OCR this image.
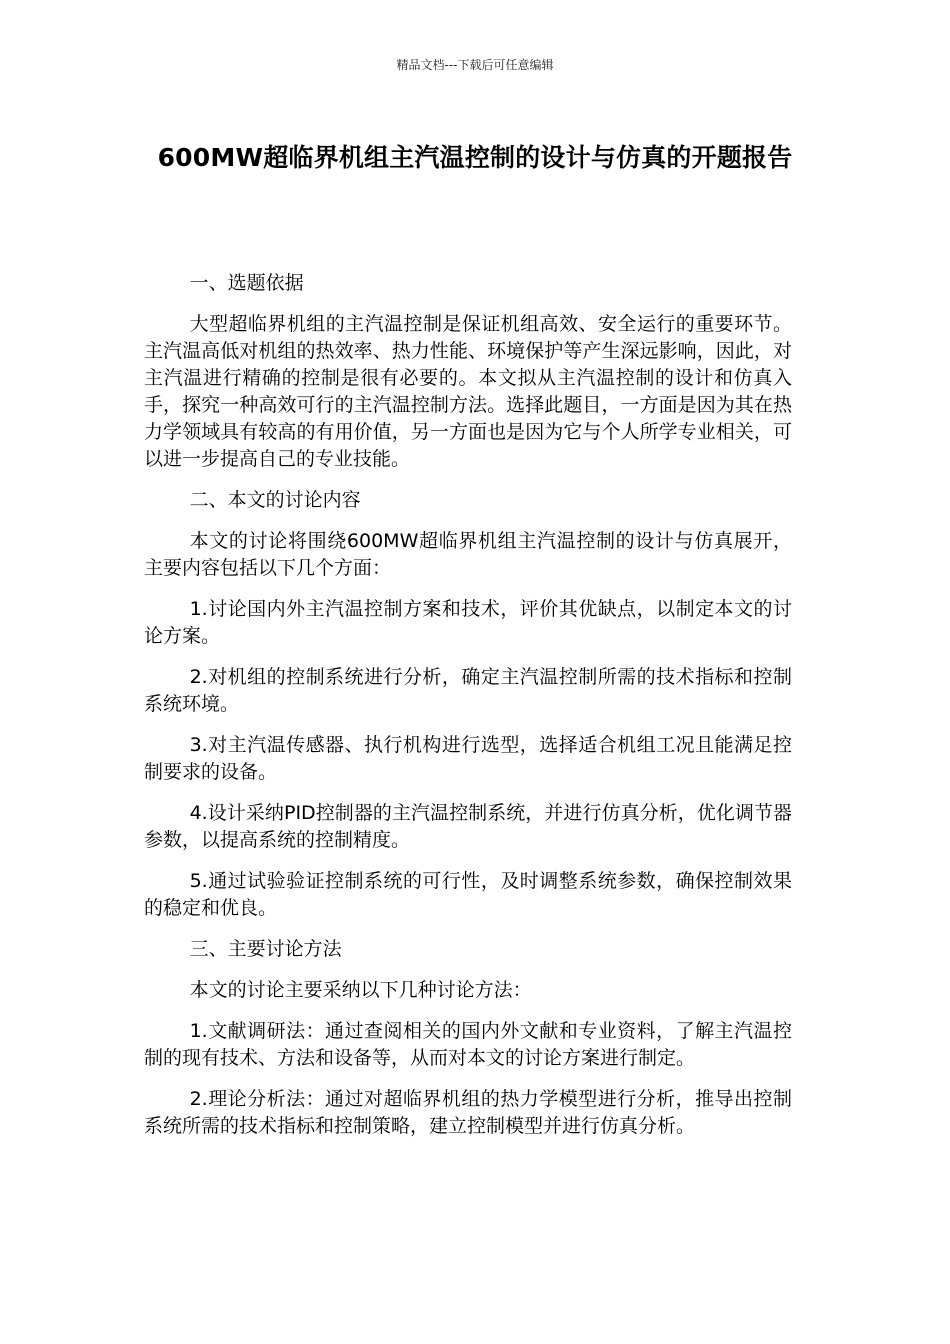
精品文档---下载后可任意编辑
600MW超临界机组主汽温控制的设计与仿真的开题报告

一、选题依据

大型超临界机组的主汽温控制是保证机组高效、安全运行的重要环节。主汽温高低对机组的热效率、热力性能、环境保护等产生深远影响，因此，对主汽温进行精确的控制是很有必要的。本文拟从主汽温控制的设计和仿真入手，探究一种高效可行的主汽温控制方法。选择此题目，一方面是因为其在热力学领域具有较高的有用价值，另一方面也是因为它与个人所学专业相关，可以进一步提高自己的专业技能。

二、本文的讨论内容

本文的讨论将围绕600MW超临界机组主汽温控制的设计与仿真展开，主要内容包括以下几个方面：

1.讨论国内外主汽温控制方案和技术，评价其优缺点，以制定本文的讨论方案。

2.对机组的控制系统进行分析，确定主汽温控制所需的技术指标和控制系统环境。

3.对主汽温传感器、执行机构进行选型，选择适合机组工况且能满足控制要求的设备。

4.设计采纳PID控制器的主汽温控制系统，并进行仿真分析，优化调节器参数，以提高系统的控制精度。

5.通过试验验证控制系统的可行性，及时调整系统参数，确保控制效果的稳定和优良。

三、主要讨论方法

本文的讨论主要采纳以下几种讨论方法：

1.文献调研法：通过查阅相关的国内外文献和专业资料，了解主汽温控制的现有技术、方法和设备等，从而对本文的讨论方案进行制定。

2.理论分析法：通过对超临界机组的热力学模型进行分析，推导出控制系统所需的技术指标和控制策略，建立控制模型并进行仿真分析。
